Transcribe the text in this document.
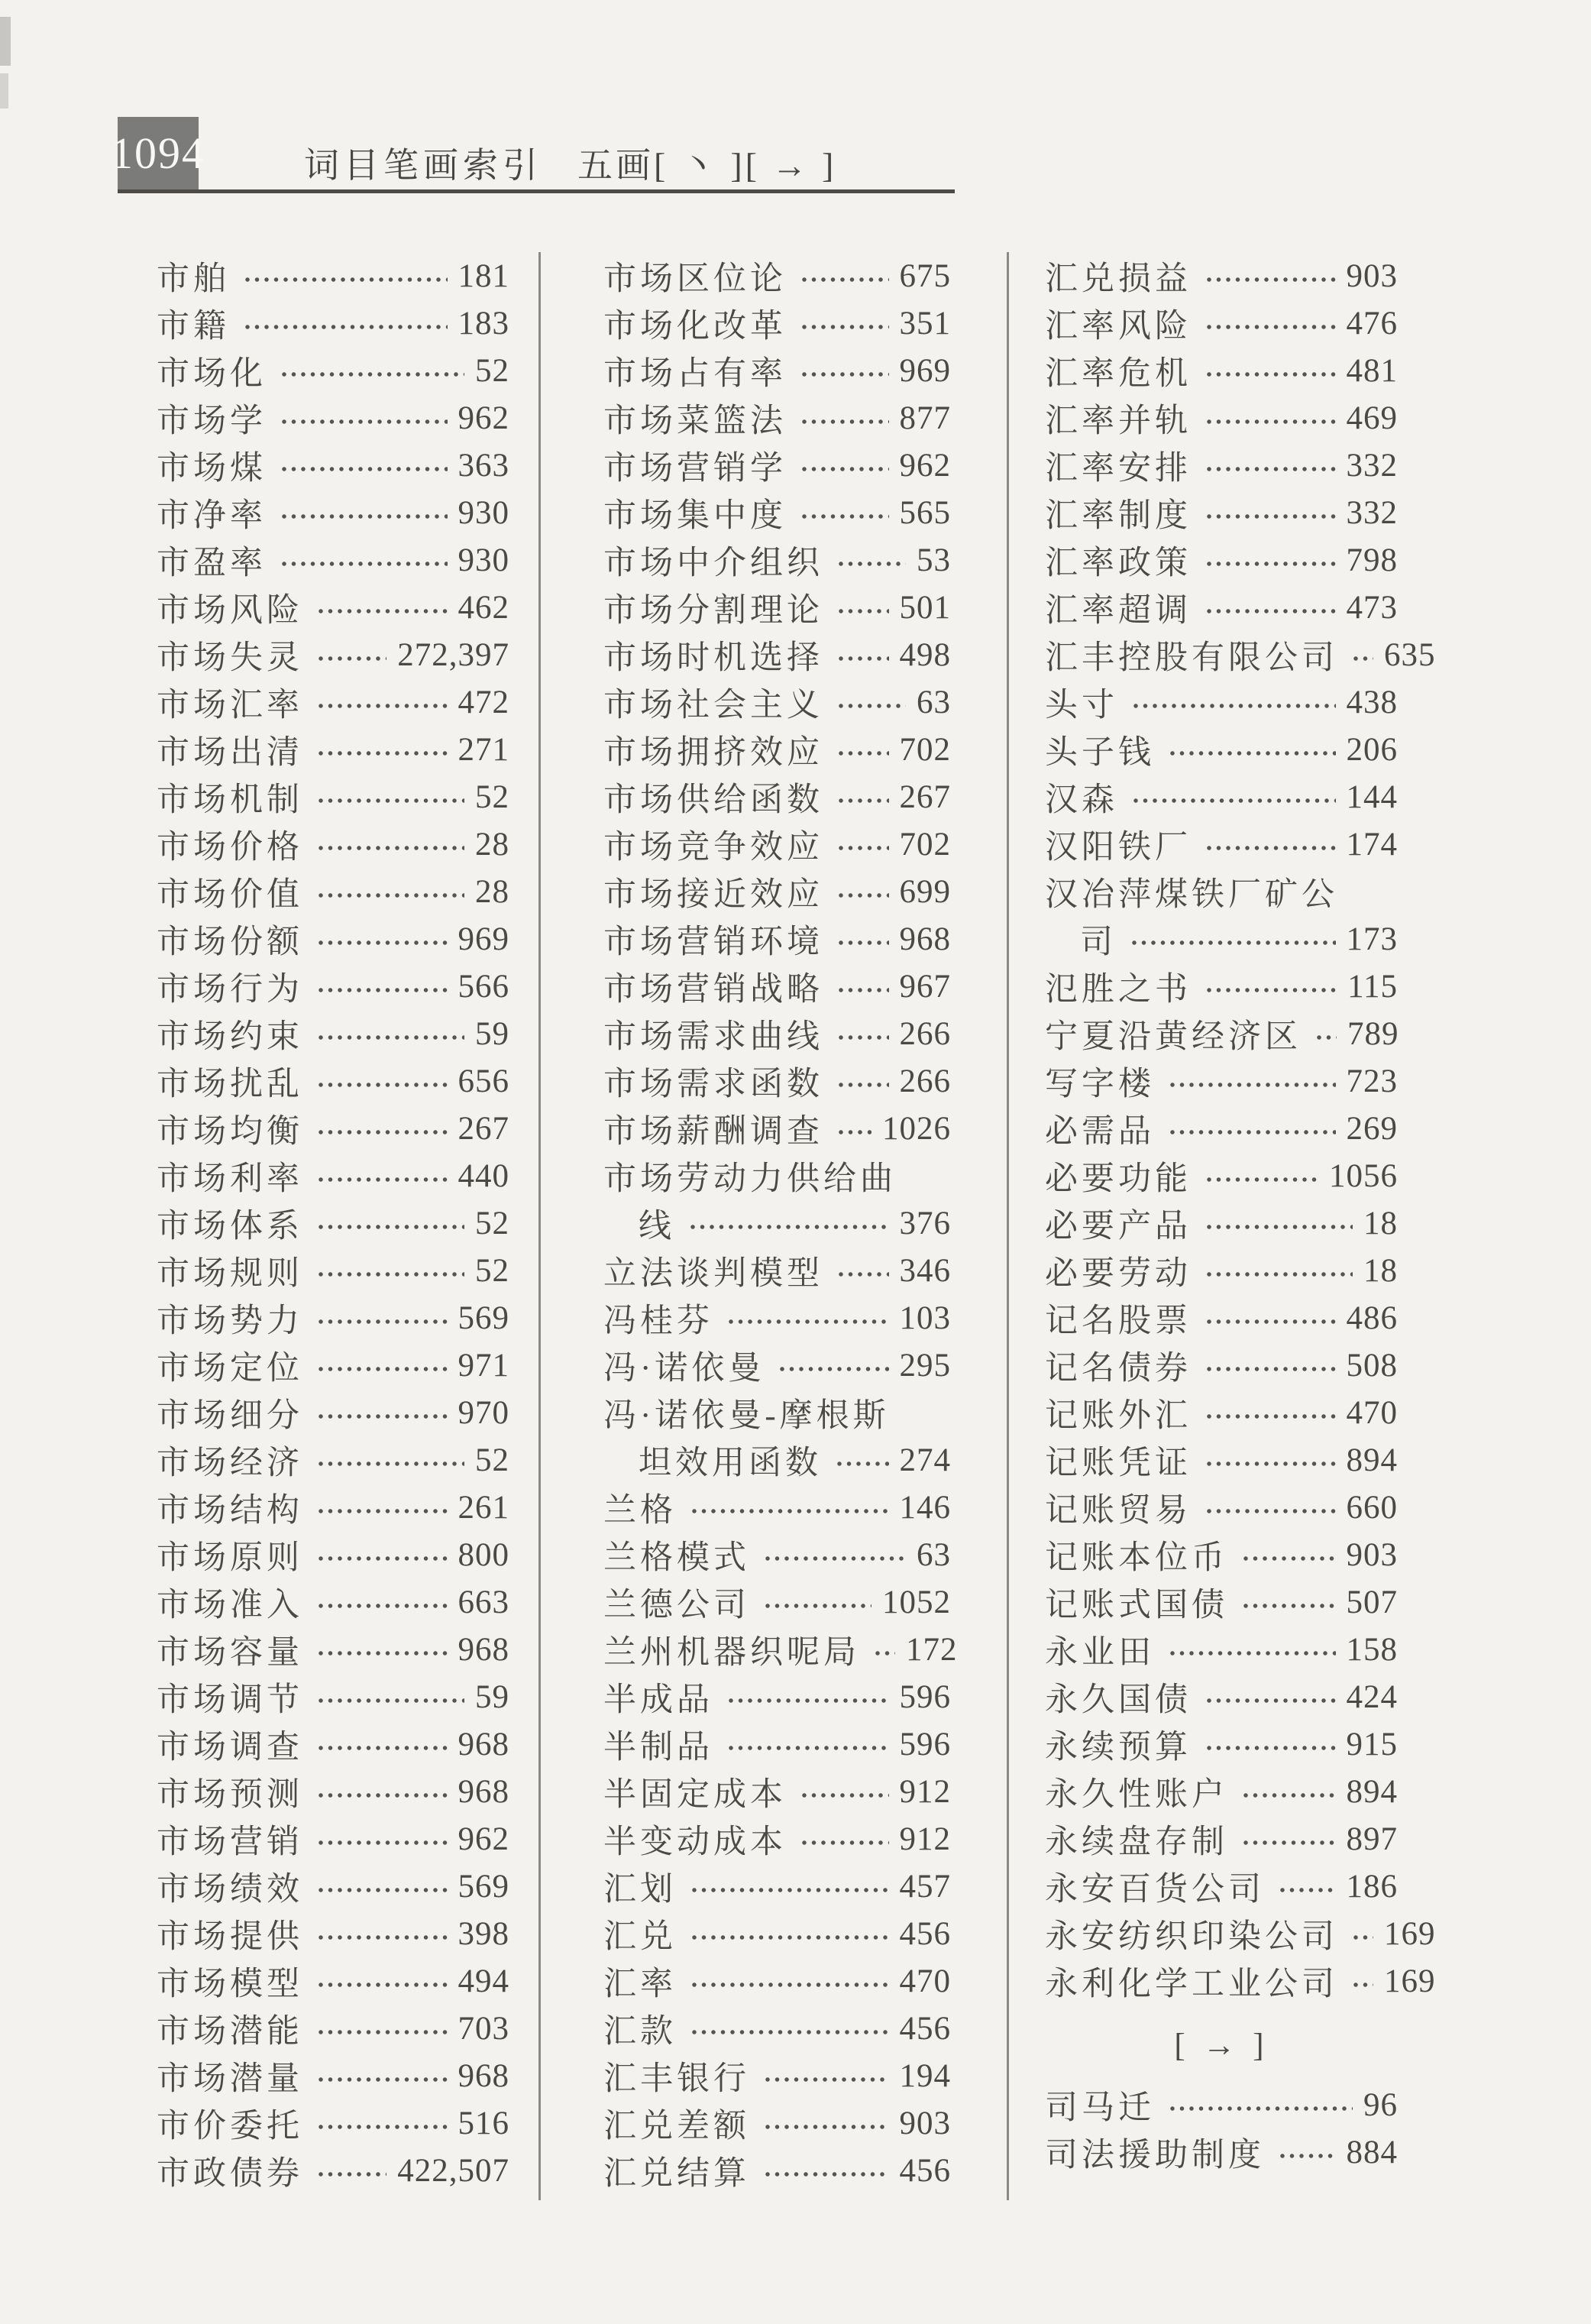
1094	词目笔画索引 五画[ 丶 ][ → ]
市舶	181
市籍	183
市场化	52
市场学	962
市场煤	363
市净率	930
市盈率	930
市场风险	462
市场失灵	272,397
市场汇率	472
市场出清	271
市场机制	52
市场价格	28
市场价值	28
市场份额	969
市场行为	566
市场约束	59
市场扰乱	656
市场均衡	267
市场利率	440
市场体系	52
市场规则	52
市场势力	569
市场定位	971
市场细分	970
市场经济	52
市场结构	261
市场原则	800
市场准入	663
市场容量	968
市场调节	59
市场调查	968
市场预测	968
市场营销	962
市场绩效	569
市场提供	398
市场模型	494
市场潜能	703
市场潜量	968
市价委托	516
市政债券	422,507
市场区位论	675
市场化改革	351
市场占有率	969
市场菜篮法	877
市场营销学	962
市场集中度	565
市场中介组织	53
市场分割理论 501
市场时机选择 498
市场社会主义	63
市场拥挤效应 702
市场供给函数 267
市场竞争效应 702
市场接近效应 699
市场营销环境 968
市场营销战略 967
市场需求曲线 266
市场需求函数 266
市场薪酬调查 1026
市场劳动力供给曲
线	376
立法谈判模型 346
冯桂芬	103
冯·诺依曼	295
冯·诺依曼-摩根斯
坦效用函数 274
兰格	146
兰格模式	63
兰德公司	1052
兰州机器织呢局 172
半成品	596
半制品	596
半固定成本	912
半变动成本	912
汇划	457
汇兑	456
汇率	470
汇款	456
汇丰银行	194
汇兑差额	903
汇兑结算	456
汇兑损益	903
汇率风险	476
汇率危机	481
汇率并轨	469
汇率安排	332
汇率制度	332
汇率政策	798
汇率超调	473
汇丰控股有限公司 635
头寸	438
头子钱	206
汉森	144
汉阳铁厂	174
汉冶萍煤铁厂矿公
司	173
氾胜之书	115
宁夏沿黄经济区 789
写字楼	723
必需品	269
必要功能	1056
必要产品	18
必要劳动	18
记名股票	486
记名债券	508
记账外汇	470
记账凭证	894
记账贸易	660
记账本位币	903
记账式国债	507
永业田	158
永久国债	424
永续预算	915
永久性账户	894
永续盘存制	897
永安百货公司 186
永安纺织印染公司 169
永利化学工业公司 169
[ → ]
司马迁	96
司法援助制度 884
